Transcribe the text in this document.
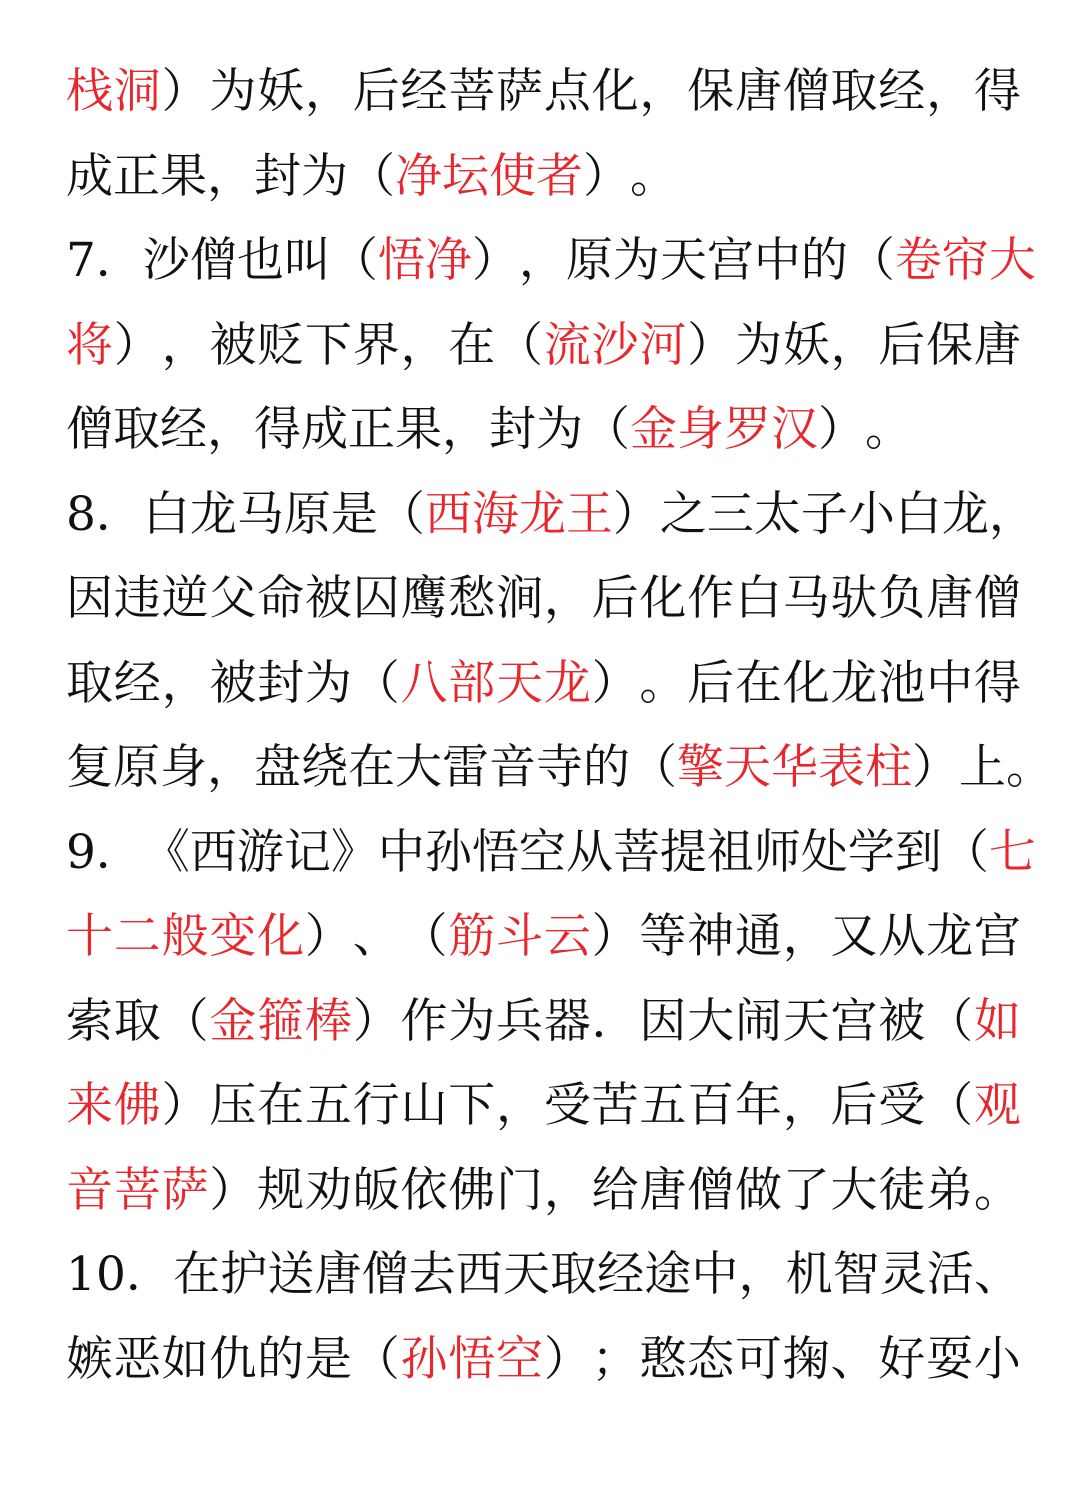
栈 洞 ） 为 妖 ， 后 经 菩 萨 点 化 ， 保 唐 僧 取 经 ， 得
成 正 果 ， 封 为 （ 净 坛 使 者 ） 。
7 ． 沙 僧 也 叫 （ 悟 净 ） ， 原 为 天 宫 中 的 （ 卷 帘 大
将 ） ， 被 贬 下 界 ， 在 （ 流 沙 河 ） 为 妖 ， 后 保 唐
僧 取 经 ， 得 成 正 果 ， 封 为 （ 金 身 罗 汉 ） 。
8 ． 白 龙 马 原 是 （ 西 海 龙 王 ） 之 三 太 子 小 白 龙 ，
因 违 逆 父 命 被 囚 鹰 愁 涧 ， 后 化 作 白 马 驮 负 唐 僧
取 经 ， 被 封 为 （ 八 部 天 龙 ） 。 后 在 化 龙 池 中 得
复 原 身 ， 盘 绕 在 大 雷 音 寺 的 （ 擎 天 华 表 柱 ） 上 。
9 ． 《 西 游 记 》 中 孙 悟 空 从 菩 提 祖 师 处 学 到 （ 七
十 二 般 变 化 ） 、 （ 筋 斗 云 ） 等 神 通 ， 又 从 龙 宫
索 取 （ 金 箍 棒 ） 作 为 兵 器 ． 因 大 闹 天 宫 被 （ 如
来 佛 ） 压 在 五 行 山 下 ， 受 苦 五 百 年 ， 后 受 （ 观
音 菩 萨 ） 规 劝 皈 依 佛 门 ， 给 唐 僧 做 了 大 徒 弟 。
1 0 ． 在 护 送 唐 僧 去 西 天 取 经 途 中 ， 机 智 灵 活 、
嫉 恶 如 仇 的 是 （ 孙 悟 空 ） ； 憨 态 可 掬 、 好 耍 小
